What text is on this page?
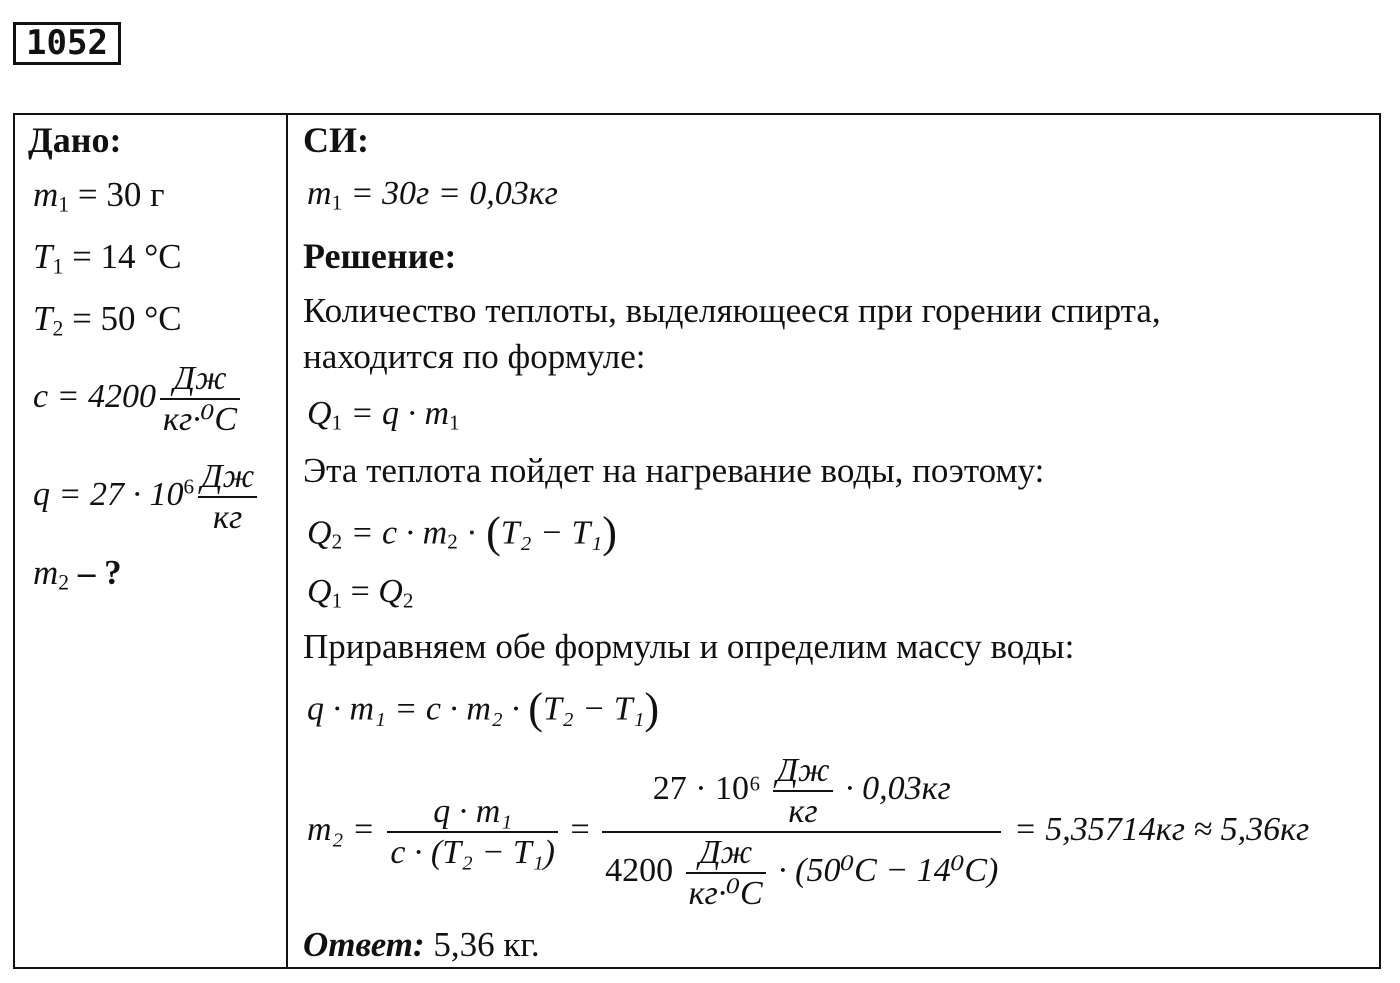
1052
Дано:
$m_1 = 30$ г
$T_1 = 14$ °C
$T_2 = 50$ °C
$c = 4200 \frac{Дж}{\text{кг·⁰C}}$
$q = 27 \cdot 10^6 \frac{Дж}{кг}$
$m_2$ – ?
СИ:
$m_1 = 30г = 0,03кг$
Решение:
Количество теплоты, выделяющееся при горении спирта,
находится по формуле:
$Q_1 = q \cdot m_1$
Эта теплота пойдет на нагревание воды, поэтому:
$Q_2 = c \cdot m_2 \cdot (T_2 - T_1)$
$Q_1 = Q_2$
Приравняем обе формулы и определим массу воды:
q · m₁ = c · m₂ · (T₂ − T₁)
$m_2 = \frac{\text{q · m₁}}{\text{c · (T₂ − T₁)}} = \frac{27 \cdot 10^6 \frac{Дж}{кг} \cdot 0,03кг}{4200 \frac{Дж}{\text{кг·⁰C}} \cdot (50^0C - 14^0C)} = 5,35714кг \approx 5,36кг$
Ответ: 5,36 кг.
